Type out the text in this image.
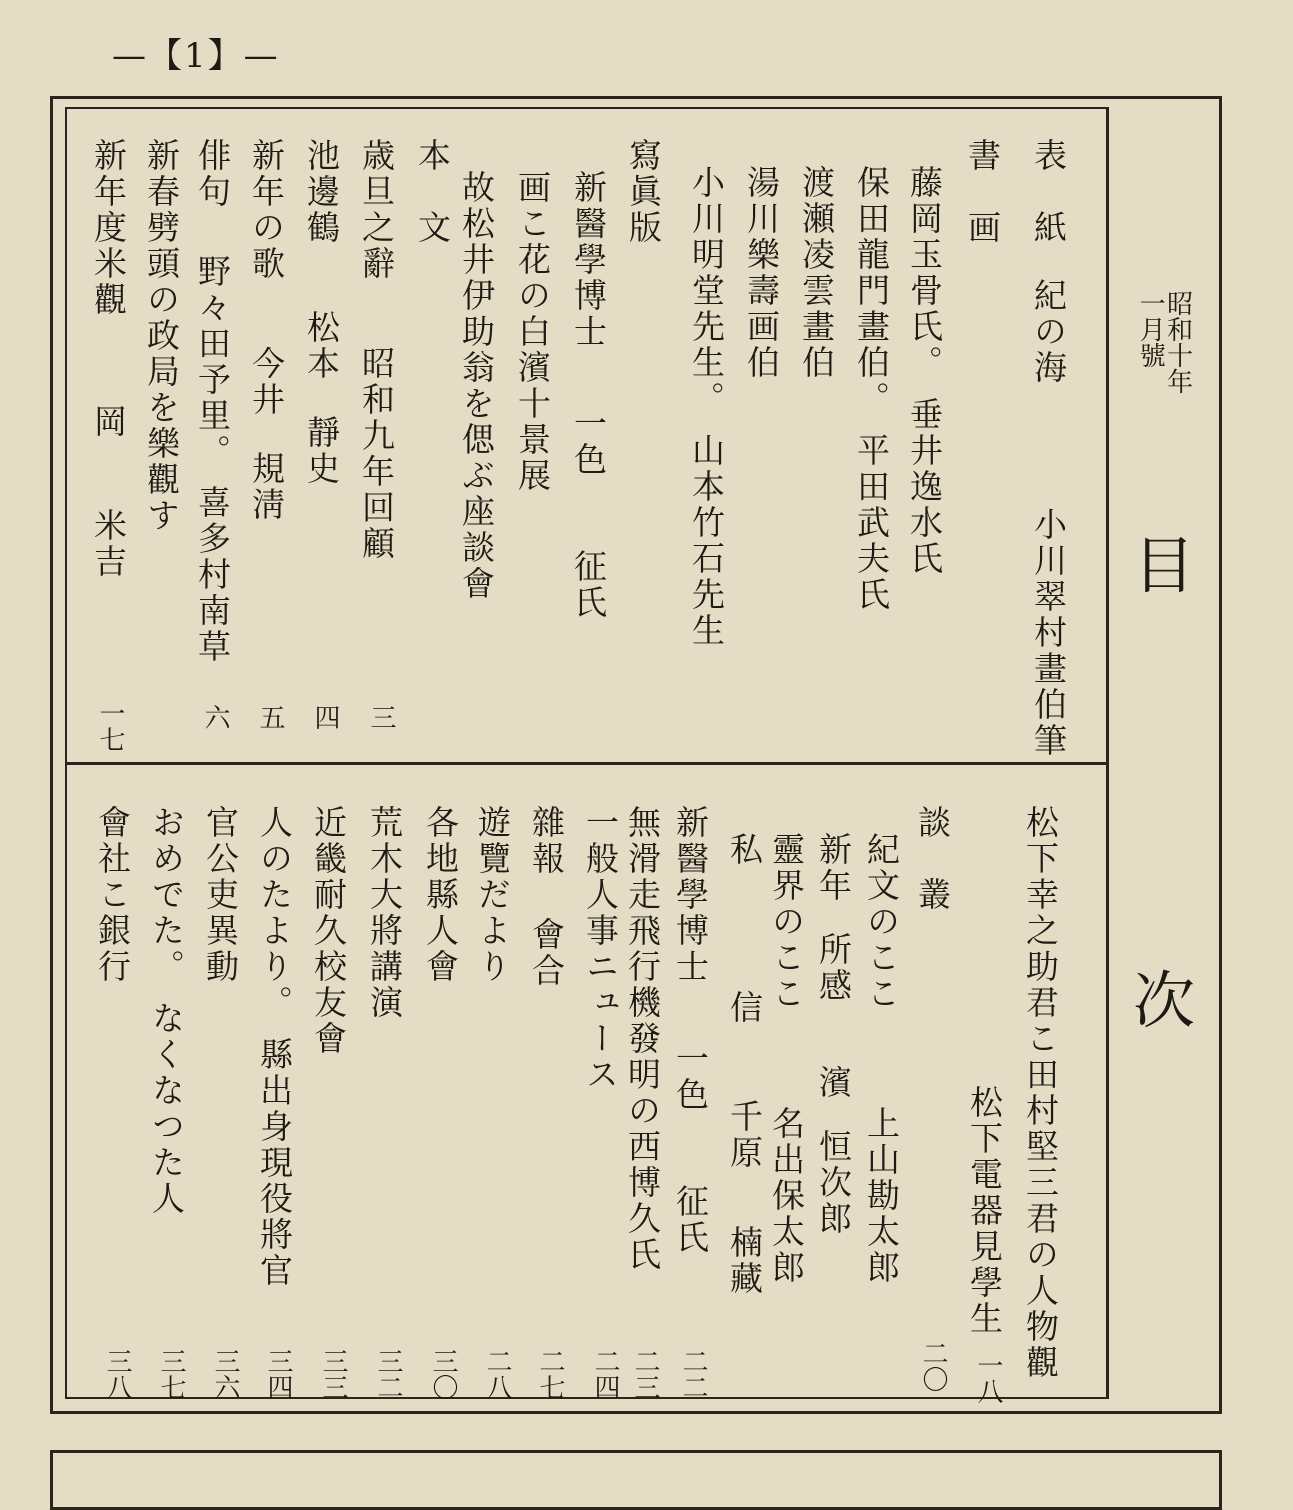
—【1】—
昭和十年
一月號
目
次
表　紙 紀の海 小川翠村畫伯筆
書　画
藤岡玉骨氏。 垂井逸水氏
保田龍門畫伯。 平田武夫氏
渡瀬凌雲畫伯
湯川樂壽画伯
小川明堂先生。 山本竹石先生
寫眞版
新醫學博士 一色 征氏
画こ花の白濱十景展
故松井伊助翁を偲ぶ座談會
本 文
歳旦之辭 昭和九年回顧
三
池邊鶴 松本 靜史
四
新年の歌 今井 規淸
五
俳句 野々田予里。 喜多村南草
六
新春劈頭の政局を樂觀す
新年度米觀 岡 米吉
一七
松下幸之助君こ田村堅三君の人物觀
松下電器見學生
一八
談　叢
二〇
紀文のここ 上山勘太郎
新年 所感 濱 恒次郎
靈界のここ 名出保太郎
私 信 千原 楠藏
新醫學博士 一色 征氏
二二
無滑走飛行機發明の西博久氏
二三
一般人事ニュース
二四
雜報 會合
二七
遊覽だより
二八
各地縣人會
三〇
荒木大將講演
三二
近畿耐久校友會
三三
人のたより。 縣出身現役將官
三四
官公吏異動
三六
おめでた。 なくなつた人
三七
會社こ銀行
三八
